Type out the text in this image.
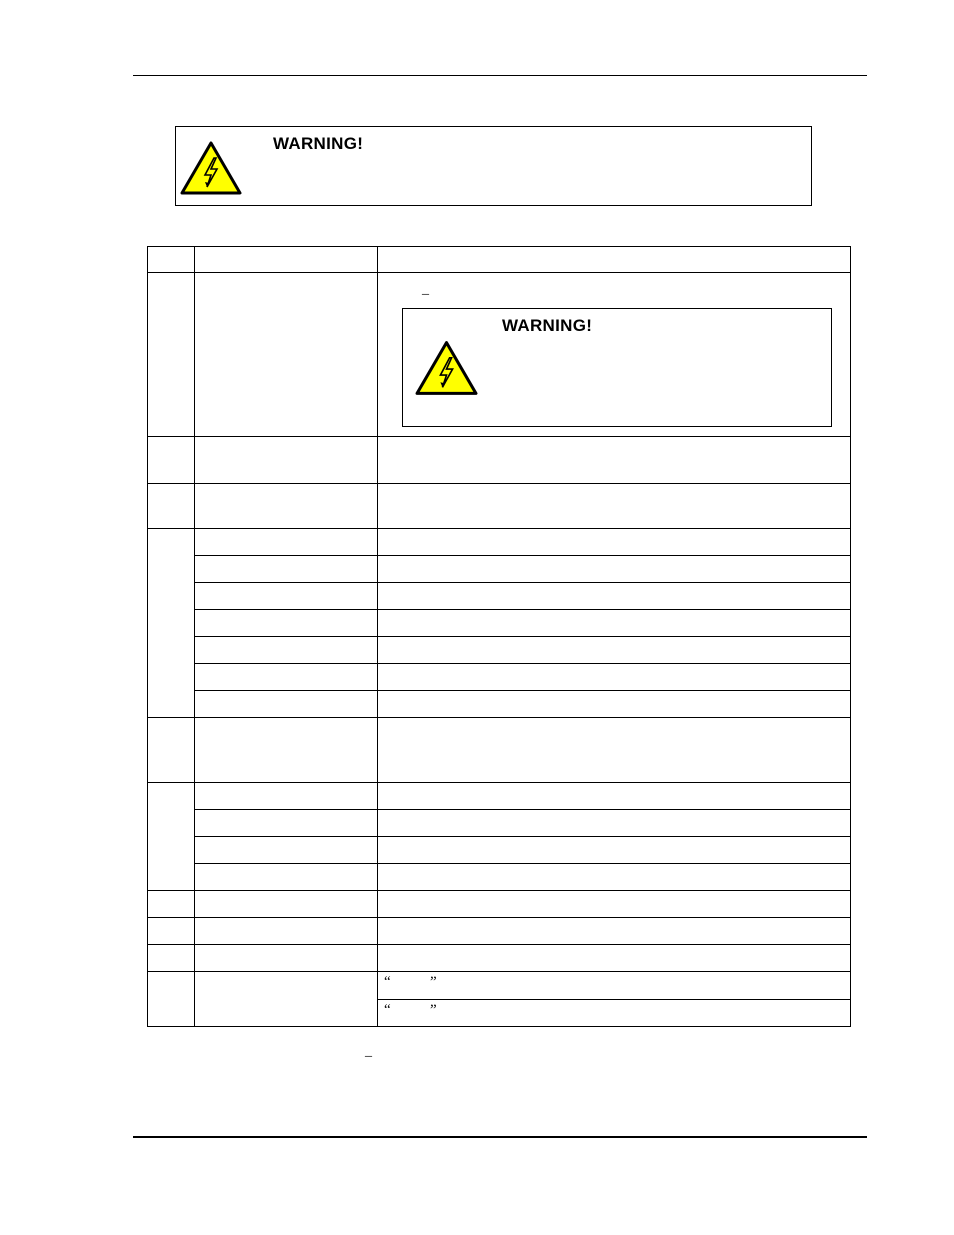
WARNING!

		_
WARNING!

		“ ”

		“ ”
_
